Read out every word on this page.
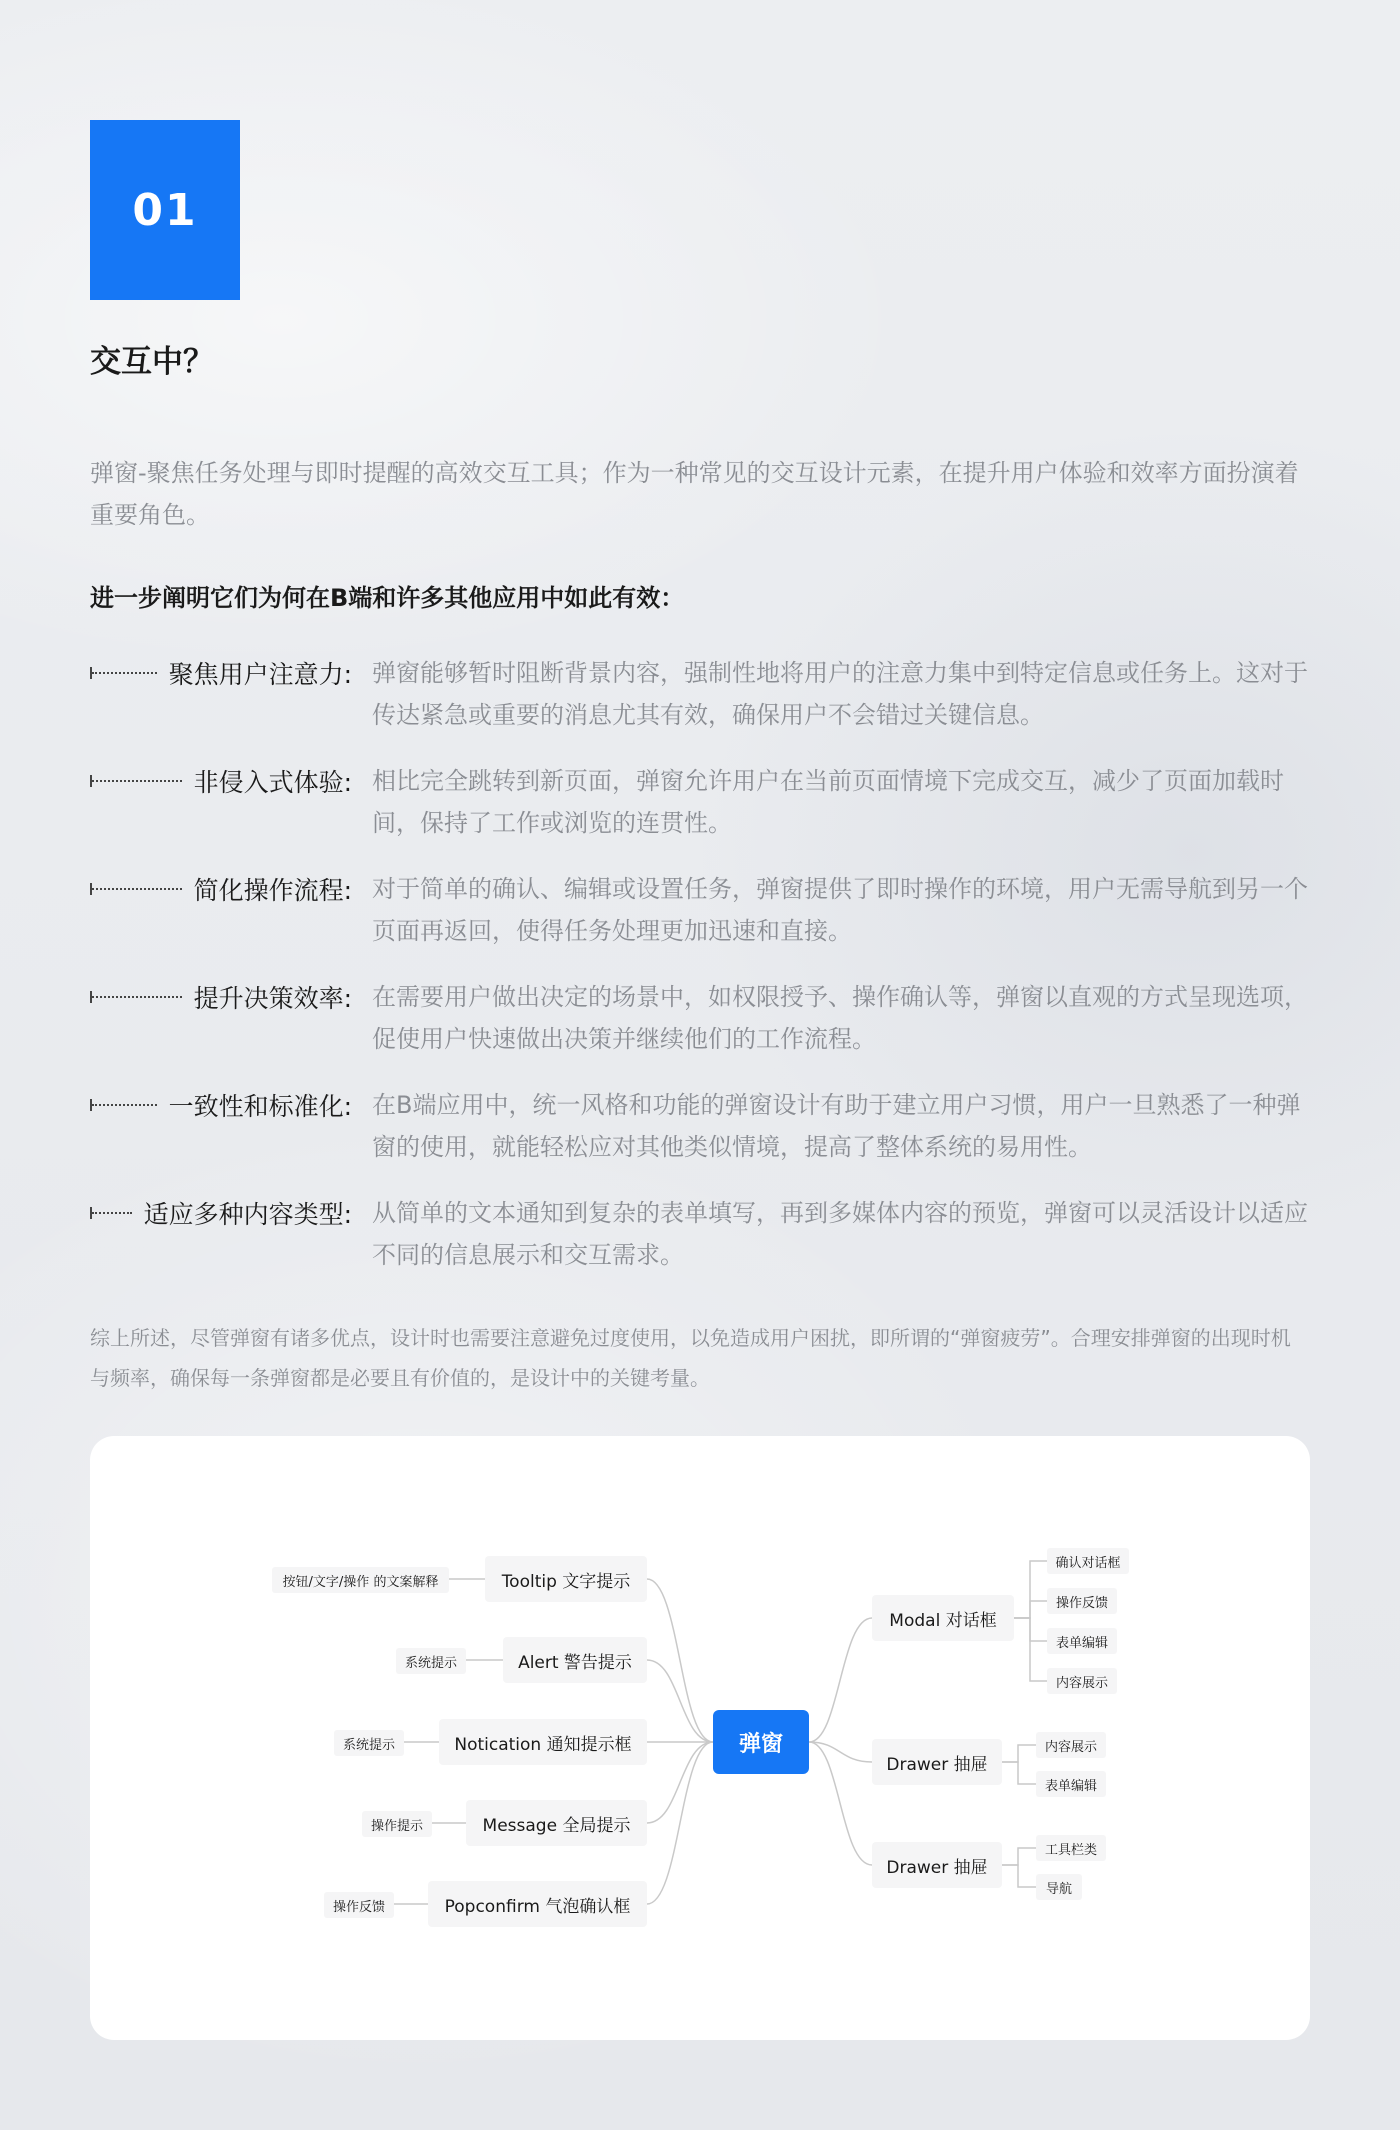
01
交互中？
弹窗-聚焦任务处理与即时提醒的高效交互工具；作为一种常见的交互设计元素，在提升用户体验和效率方面扮演着重要角色。
进一步阐明它们为何在B端和许多其他应用中如此有效：
聚焦用户注意力: 弹窗能够暂时阻断背景内容，强制性地将用户的注意力集中到特定信息或任务上。这对于传达紧急或重要的消息尤其有效，确保用户不会错过关键信息。
非侵入式体验: 相比完全跳转到新页面，弹窗允许用户在当前页面情境下完成交互，减少了页面加载时间，保持了工作或浏览的连贯性。
简化操作流程: 对于简单的确认、编辑或设置任务，弹窗提供了即时操作的环境，用户无需导航到另一个页面再返回，使得任务处理更加迅速和直接。
提升决策效率: 在需要用户做出决定的场景中，如权限授予、操作确认等，弹窗以直观的方式呈现选项，促使用户快速做出决策并继续他们的工作流程。
一致性和标准化: 在B端应用中，统一风格和功能的弹窗设计有助于建立用户习惯，用户一旦熟悉了一种弹窗的使用，就能轻松应对其他类似情境，提高了整体系统的易用性。
适应多种内容类型: 从简单的文本通知到复杂的表单填写，再到多媒体内容的预览，弹窗可以灵活设计以适应不同的信息展示和交互需求。
综上所述，尽管弹窗有诸多优点，设计时也需要注意避免过度使用，以免造成用户困扰，即所谓的“弹窗疲劳”。合理安排弹窗的出现时机与频率，确保每一条弹窗都是必要且有价值的，是设计中的关键考量。
弹窗
Tooltip 文字提示
Alert 警告提示
Notication 通知提示框
Message 全局提示
Popconfirm 气泡确认框
按钮/文字/操作 的文案解释
系统提示
系统提示
操作提示
操作反馈
Modal 对话框
Drawer 抽屉
Drawer 抽屉
确认对话框
操作反馈
表单编辑
内容展示
内容展示
表单编辑
工具栏类
导航
